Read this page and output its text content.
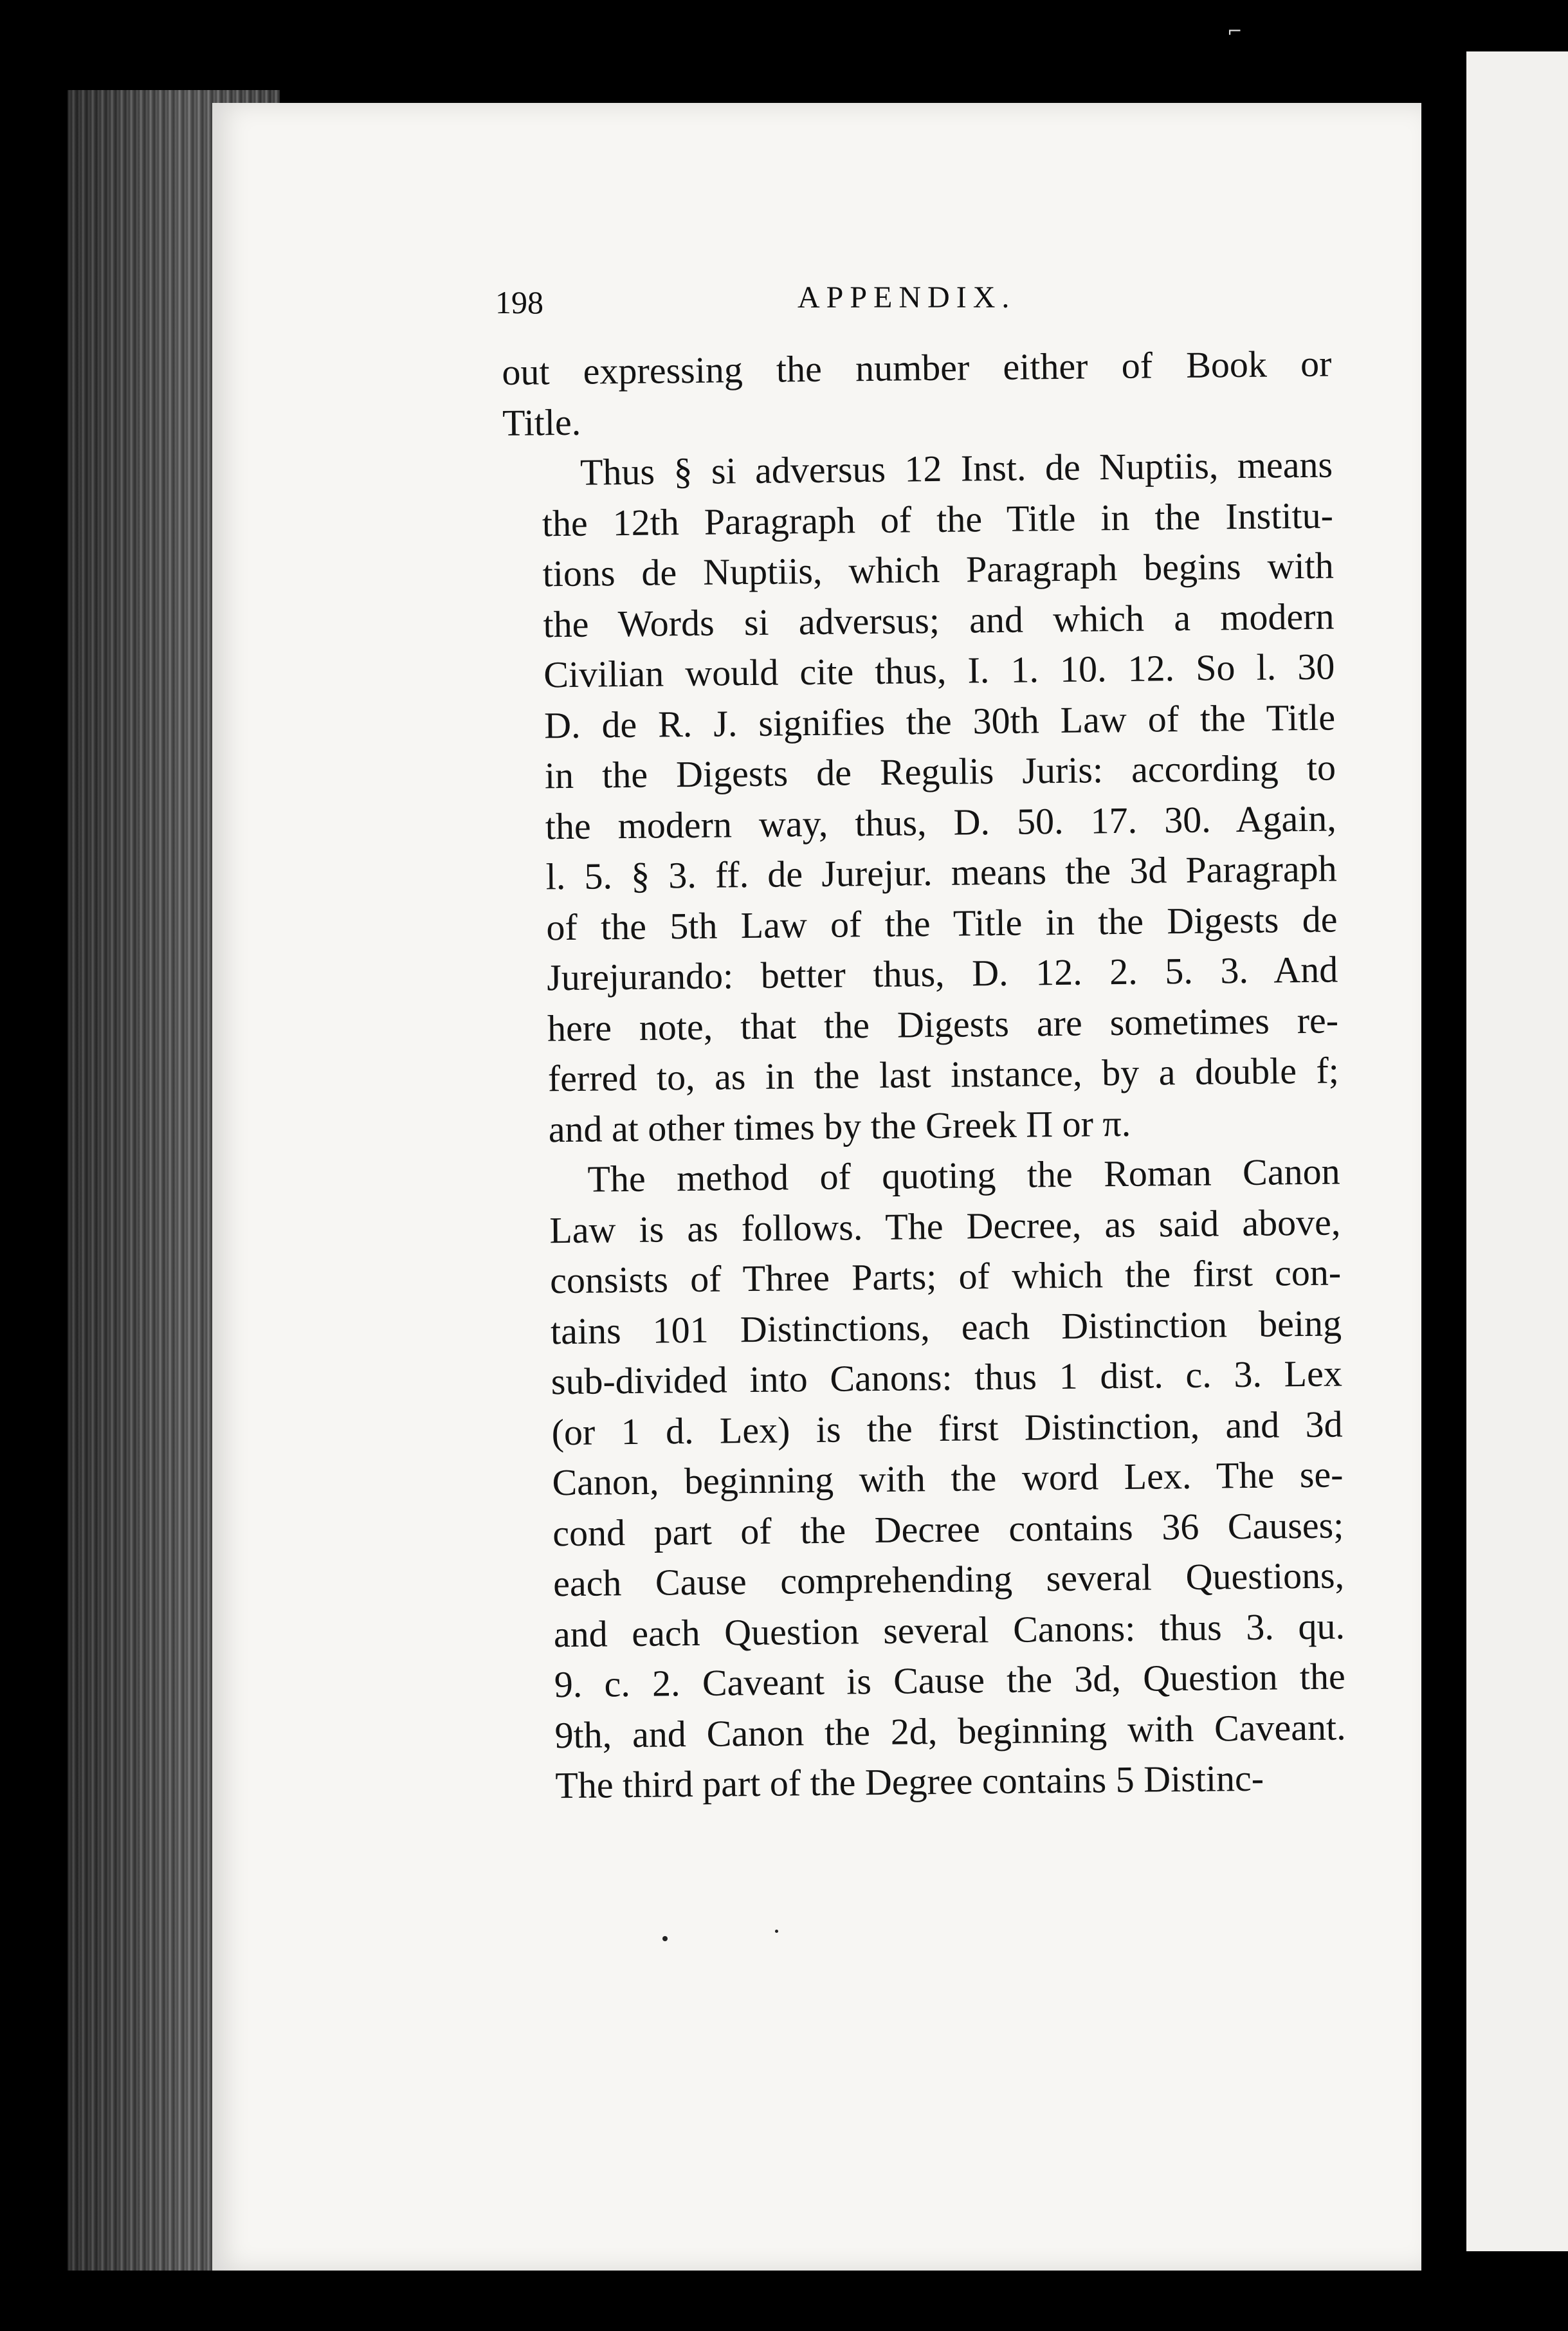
⌐
198	APPENDIX.

out expressing the number either of Book or
Title.

Thus § si adversus 12 Inst. de Nuptiis, means
the 12th Paragraph of the Title in the Institu-
tions de Nuptiis, which Paragraph begins with
the Words si adversus; and which a modern
Civilian would cite thus, I. 1. 10. 12. So l. 30
D. de R. J. signifies the 30th Law of the Title
in the Digests de Regulis Juris: according to
the modern way, thus, D. 50. 17. 30. Again,
l. 5. § 3. ff. de Jurejur. means the 3d Paragraph
of the 5th Law of the Title in the Digests de
Jurejurando: better thus, D. 12. 2. 5. 3. And
here note, that the Digests are sometimes re-
ferred to, as in the last instance, by a double f;
and at other times by the Greek Π or π.

The method of quoting the Roman Canon
Law is as follows. The Decree, as said above,
consists of Three Parts; of which the first con-
tains 101 Distinctions, each Distinction being
sub-divided into Canons: thus 1 dist. c. 3. Lex
(or 1 d. Lex) is the first Distinction, and 3d
Canon, beginning with the word Lex. The se-
cond part of the Decree contains 36 Causes;
each Cause comprehending several Questions,
and each Question several Canons: thus 3. qu.
9. c. 2. Caveant is Cause the 3d, Question the
9th, and Canon the 2d, beginning with Caveant.
The third part of the Degree contains 5 Distinc-
